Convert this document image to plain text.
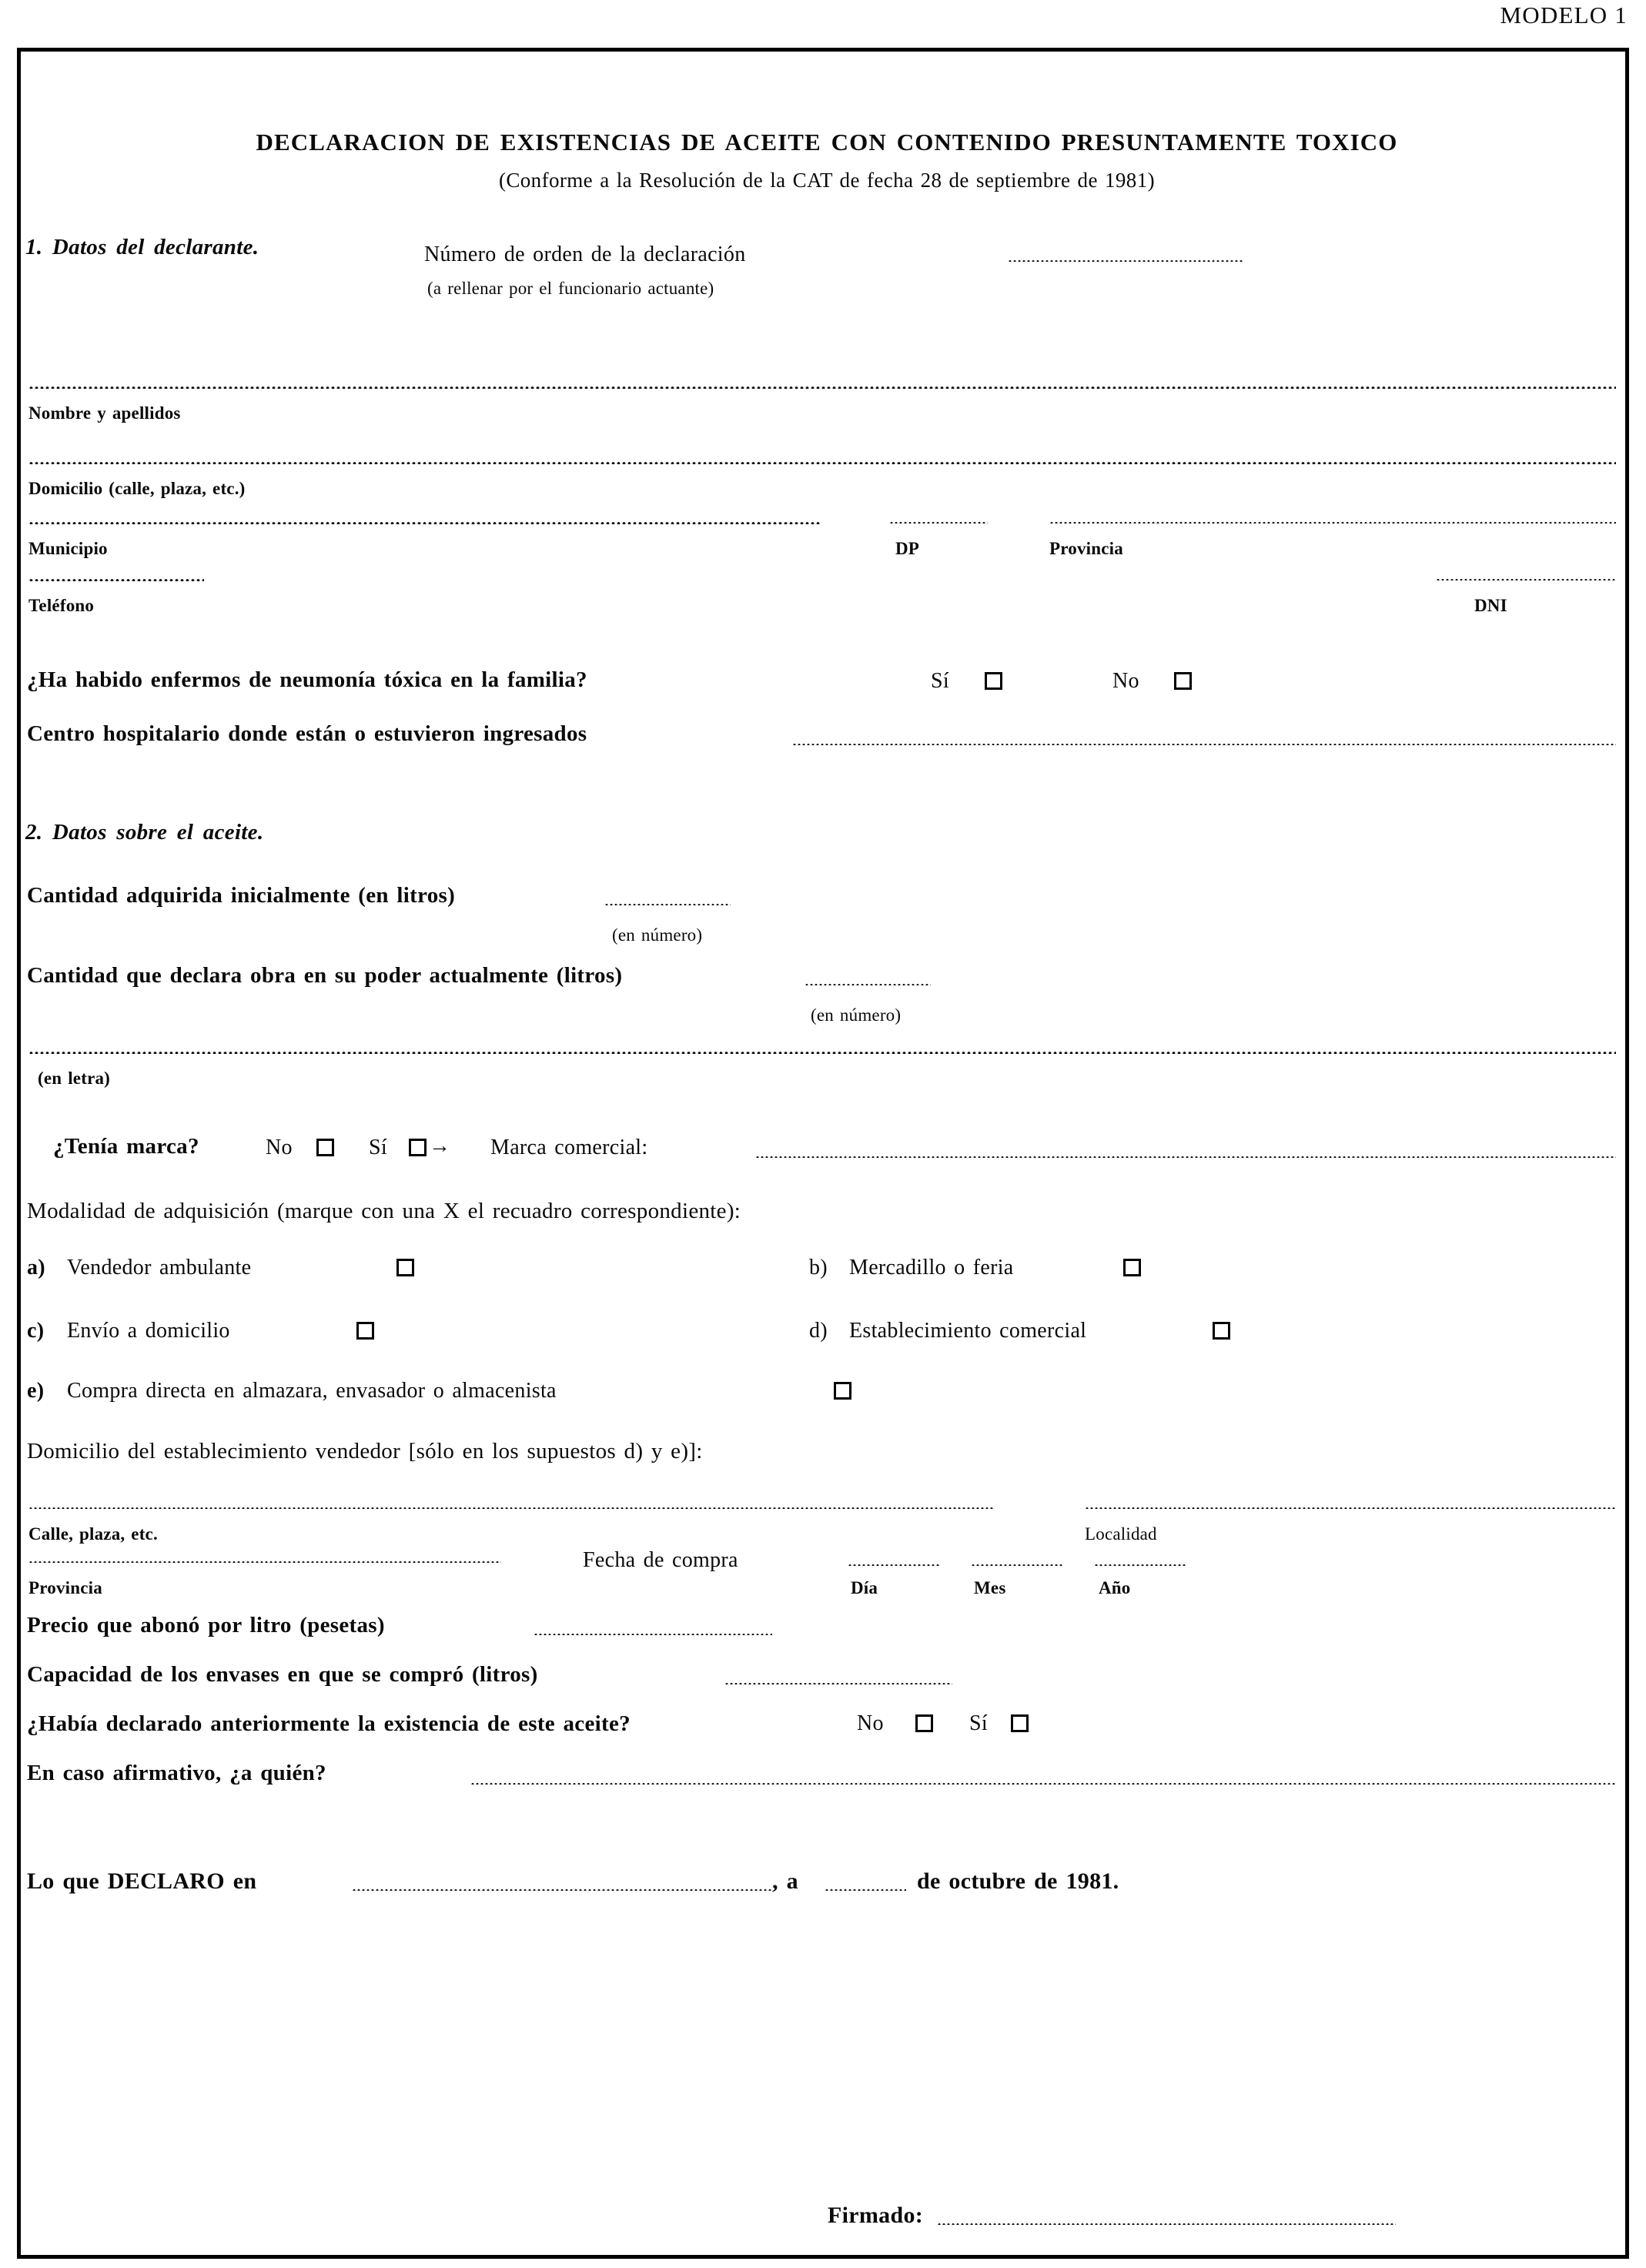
MODELO 1
DECLARACION DE EXISTENCIAS DE ACEITE CON CONTENIDO PRESUNTAMENTE TOXICO
(Conforme a la Resolución de la CAT de fecha 28 de septiembre de 1981)
1. Datos del declarante.	Número de orden de la declaración
(a rellenar por el funcionario actuante)
Nombre y apellidos
Domicilio (calle, plaza, etc.)
Municipio	DP	Provincia
Teléfono	DNI
¿Ha habido enfermos de neumonía tóxica en la familia?	Sí	No
Centro hospitalario donde están o estuvieron ingresados
2. Datos sobre el aceite.
Cantidad adquirida inicialmente (en litros)
(en número)
Cantidad que declara obra en su poder actualmente (litros)
(en número)
(en letra)
¿Tenía marca?	No	Sí → Marca comercial:
Modalidad de adquisición (marque con una X el recuadro correspondiente):
a) Vendedor ambulante	b) Mercadillo o feria
c) Envío a domicilio	d) Establecimiento comercial
e) Compra directa en almazara, envasador o almacenista
Domicilio del establecimiento vendedor [sólo en los supuestos d) y e)]:
Calle, plaza, etc.	Localidad
Provincia
Fecha de compra
Día	Mes	Año
Precio que abonó por litro (pesetas)
Capacidad de los envases en que se compró (litros)
¿Había declarado anteriormente la existencia de este aceite?	No	Sí
En caso afirmativo, ¿a quién?
Lo que DECLARO en	, a	de octubre de 1981.
Firmado:
